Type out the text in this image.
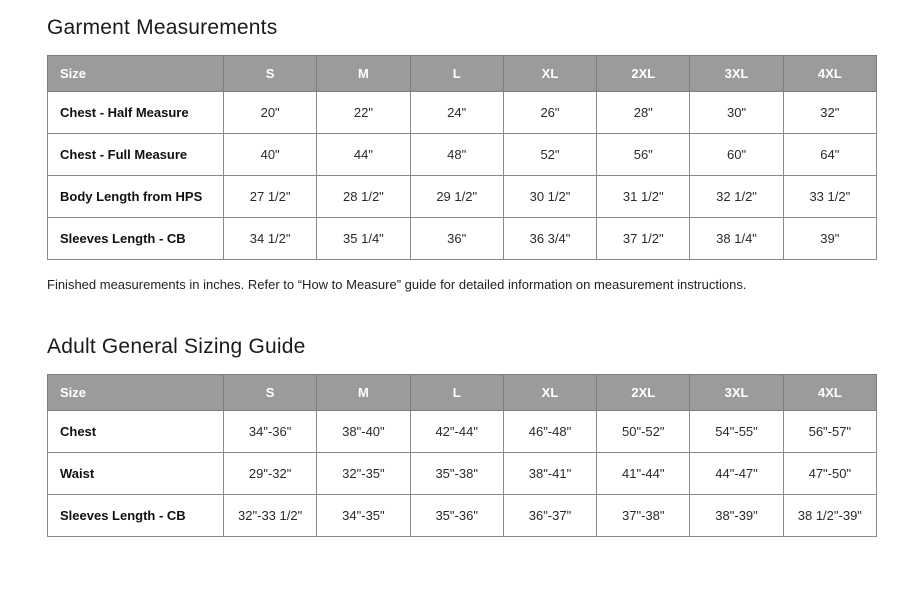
Garment Measurements
Size	S	M	L	XL	2XL	3XL	4XL
Chest - Half Measure	20"	22"	24"	26"	28"	30"	32"
Chest - Full Measure	40"	44"	48"	52"	56"	60"	64"
Body Length from HPS	27 1/2"	28 1/2"	29 1/2"	30 1/2"	31 1/2"	32 1/2"	33 1/2"
Sleeves Length - CB	34 1/2"	35 1/4"	36"	36 3/4"	37 1/2"	38 1/4"	39"
Finished measurements in inches. Refer to “How to Measure” guide for detailed information on measurement instructions.
Adult General Sizing Guide
Size	S	M	L	XL	2XL	3XL	4XL
Chest	34"-36"	38"-40"	42"-44"	46"-48"	50"-52"	54"-55"	56"-57"
Waist	29"-32"	32"-35"	35"-38"	38"-41"	41"-44"	44"-47"	47"-50"
Sleeves Length - CB	32"-33 1/2"	34"-35"	35"-36"	36"-37"	37"-38"	38"-39"	38 1/2"-39"
